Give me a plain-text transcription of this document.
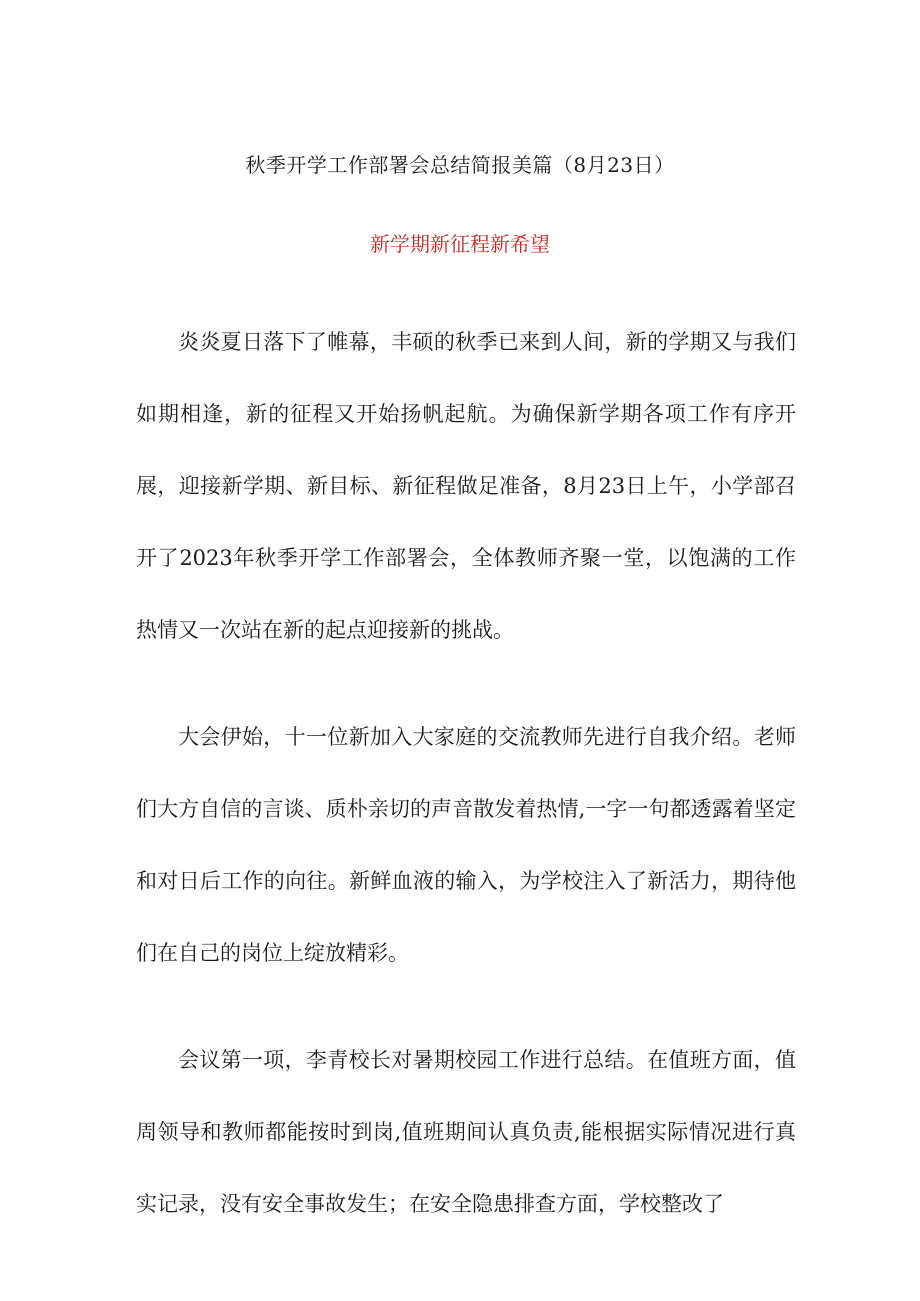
秋季开学工作部署会总结简报美篇（8月23日）
新学期新征程新希望

炎炎夏日落下了帷幕，丰硕的秋季已来到人间，新的学期又与我们如期相逢，新的征程又开始扬帆起航。为确保新学期各项工作有序开展，迎接新学期、新目标、新征程做足准备，8月23日上午，小学部召开了2023年秋季开学工作部署会，全体教师齐聚一堂，以饱满的工作热情又一次站在新的起点迎接新的挑战。

大会伊始，十一位新加入大家庭的交流教师先进行自我介绍。老师们大方自信的言谈、质朴亲切的声音散发着热情,一字一句都透露着坚定和对日后工作的向往。新鲜血液的输入，为学校注入了新活力，期待他们在自己的岗位上绽放精彩。

会议第一项，李青校长对暑期校园工作进行总结。在值班方面，值周领导和教师都能按时到岗,值班期间认真负责,能根据实际情况进行真实记录，没有安全事故发生；在安全隐患排查方面，学校整改了
